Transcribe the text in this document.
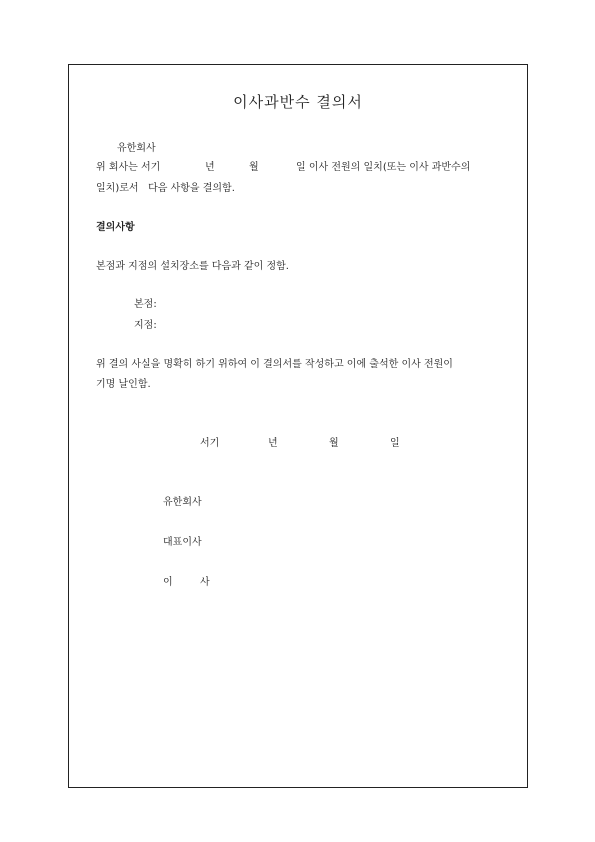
이사과반수 결의서
유한회사
위 회사는 서기	년	월	일 이사 전원의 일치(또는 이사 과반수의
일치)로서   다음 사항을 결의함.
결의사항
본점과 지점의 설치장소를 다음과 같이 정함.
본점:
지점:
위 결의 사실을 명확히 하기 위하여 이 결의서를 작성하고 이에 출석한 이사 전원이
기명 날인함.
서기	년	월	일
유한회사
대표이사
이	사
